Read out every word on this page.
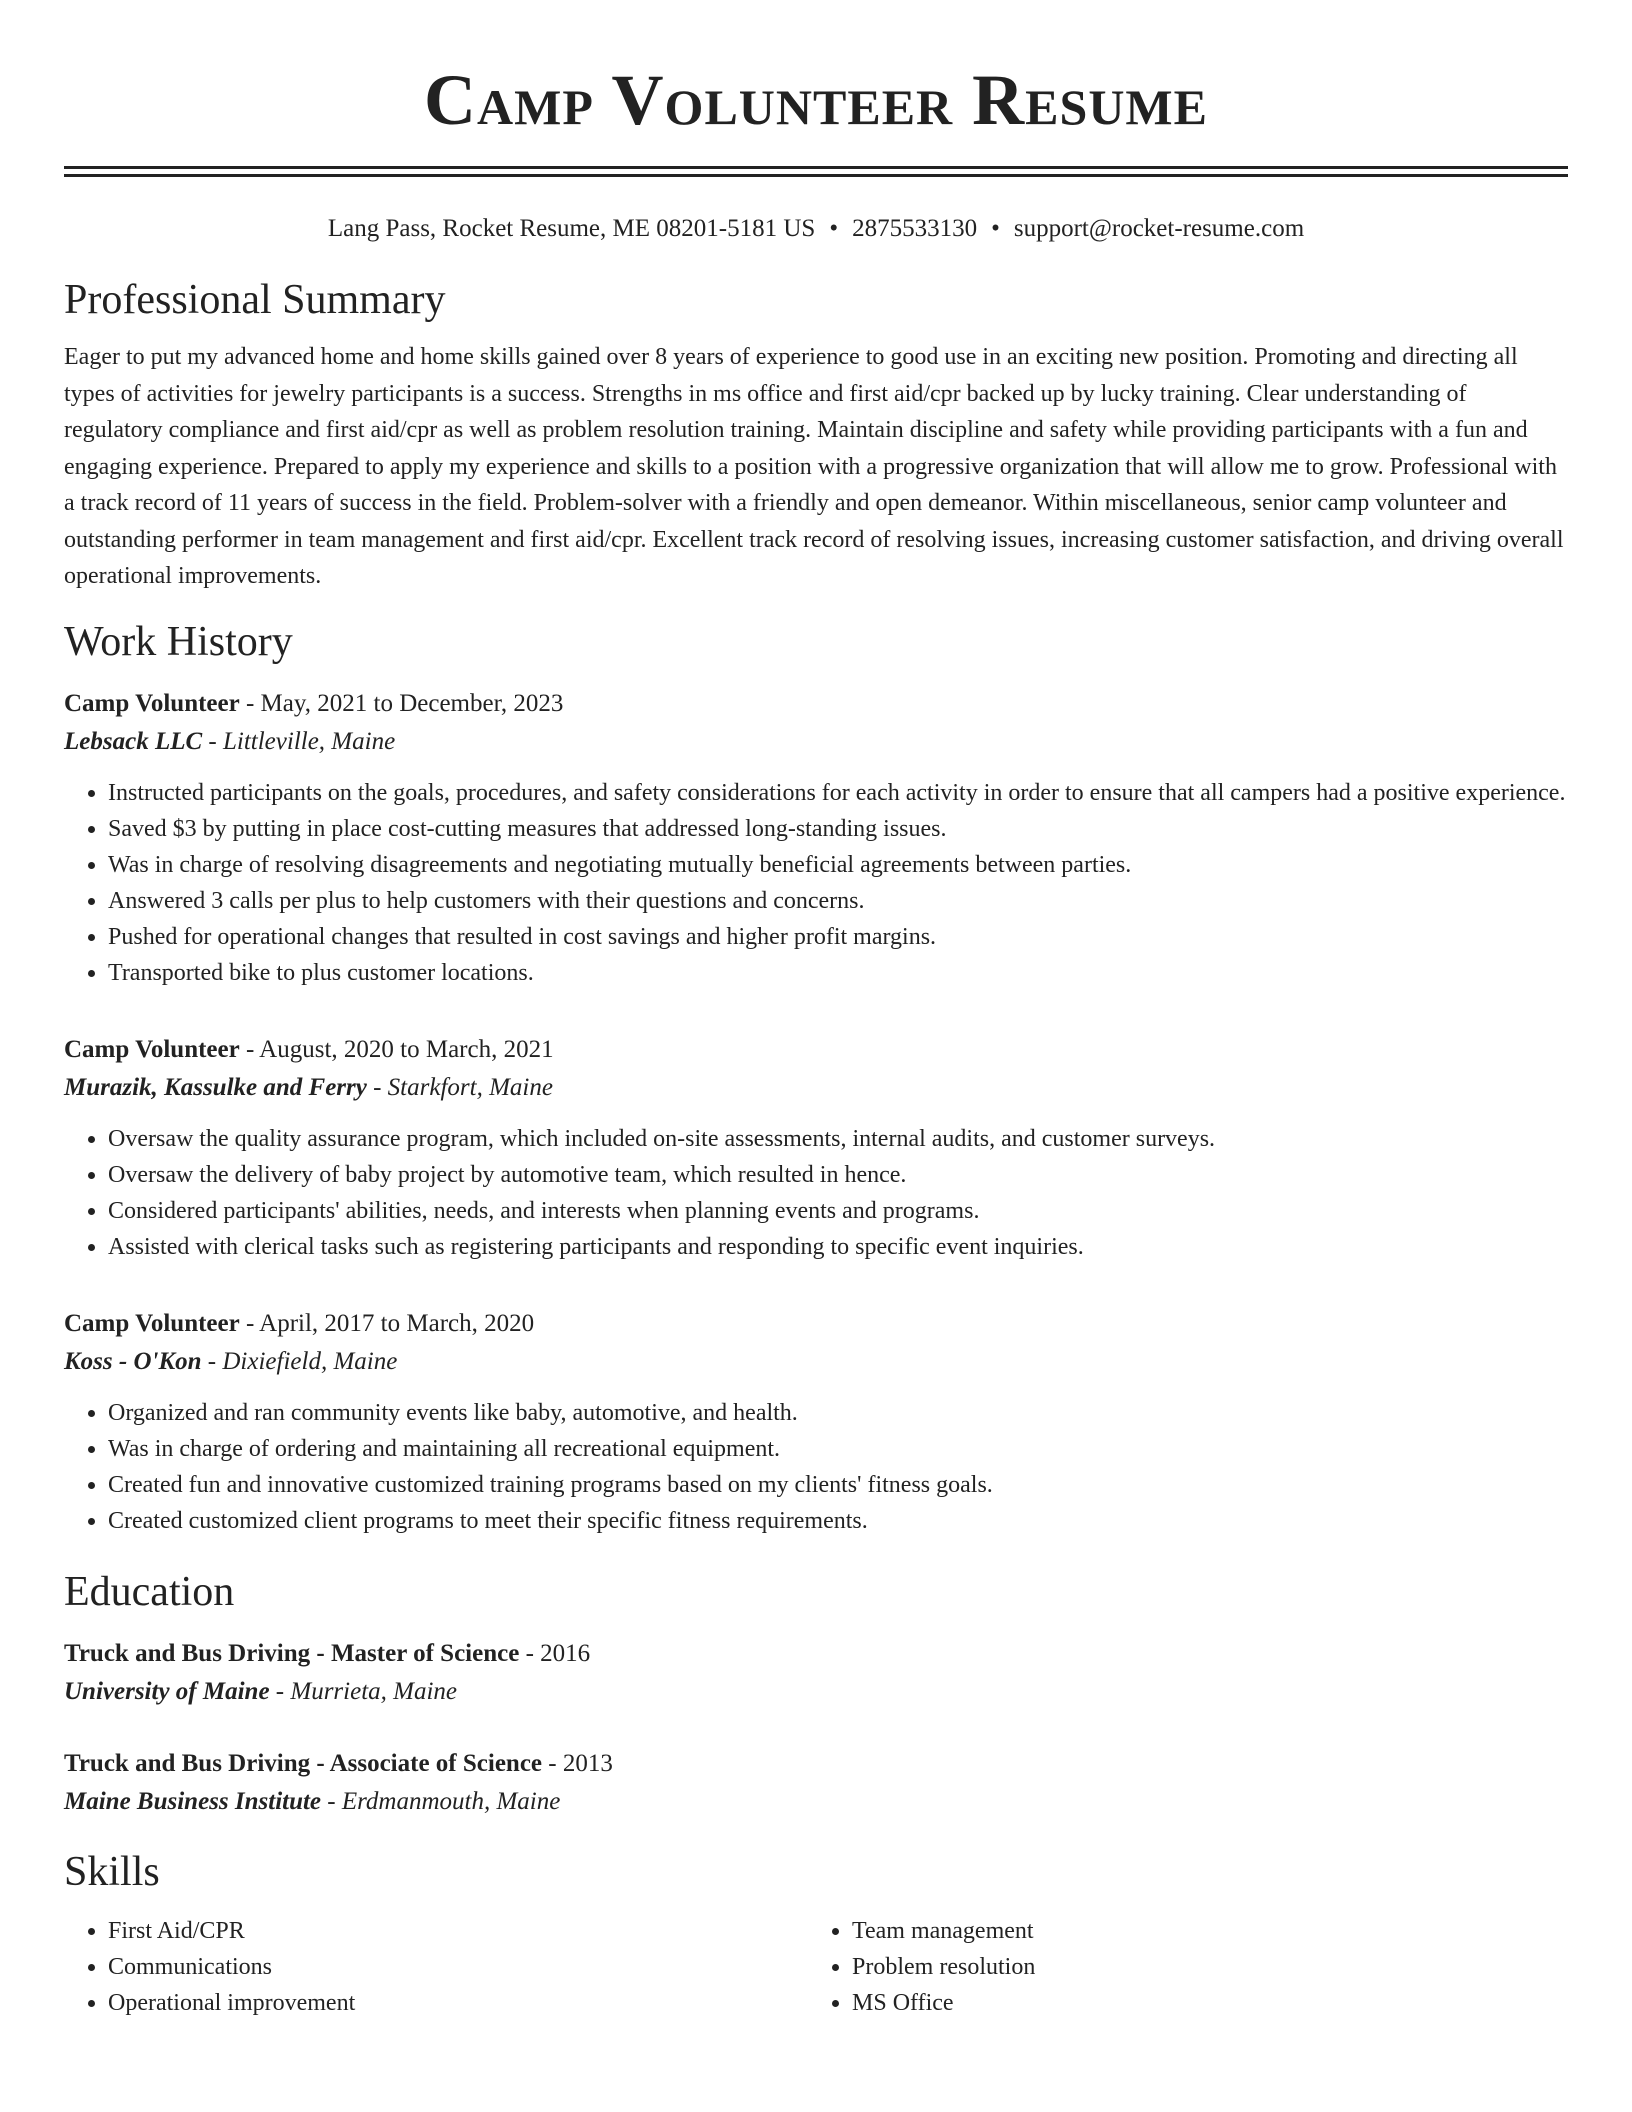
Camp Volunteer Resume
Lang Pass, Rocket Resume, ME 08201-5181 US • 2875533130 • support@rocket-resume.com
Professional Summary
Eager to put my advanced home and home skills gained over 8 years of experience to good use in an exciting new position. Promoting and directing all types of activities for jewelry participants is a success. Strengths in ms office and first aid/cpr backed up by lucky training. Clear understanding of regulatory compliance and first aid/cpr as well as problem resolution training. Maintain discipline and safety while providing participants with a fun and engaging experience. Prepared to apply my experience and skills to a position with a progressive organization that will allow me to grow. Professional with a track record of 11 years of success in the field. Problem-solver with a friendly and open demeanor. Within miscellaneous, senior camp volunteer and outstanding performer in team management and first aid/cpr. Excellent track record of resolving issues, increasing customer satisfaction, and driving overall operational improvements.
Work History
Camp Volunteer - May, 2021 to December, 2023
Lebsack LLC - Littleville, Maine
• Instructed participants on the goals, procedures, and safety considerations for each activity in order to ensure that all campers had a positive experience.
• Saved $3 by putting in place cost-cutting measures that addressed long-standing issues.
• Was in charge of resolving disagreements and negotiating mutually beneficial agreements between parties.
• Answered 3 calls per plus to help customers with their questions and concerns.
• Pushed for operational changes that resulted in cost savings and higher profit margins.
• Transported bike to plus customer locations.
Camp Volunteer - August, 2020 to March, 2021
Murazik, Kassulke and Ferry - Starkfort, Maine
• Oversaw the quality assurance program, which included on-site assessments, internal audits, and customer surveys.
• Oversaw the delivery of baby project by automotive team, which resulted in hence.
• Considered participants' abilities, needs, and interests when planning events and programs.
• Assisted with clerical tasks such as registering participants and responding to specific event inquiries.
Camp Volunteer - April, 2017 to March, 2020
Koss - O'Kon - Dixiefield, Maine
• Organized and ran community events like baby, automotive, and health.
• Was in charge of ordering and maintaining all recreational equipment.
• Created fun and innovative customized training programs based on my clients' fitness goals.
• Created customized client programs to meet their specific fitness requirements.
Education
Truck and Bus Driving - Master of Science - 2016
University of Maine - Murrieta, Maine
Truck and Bus Driving - Associate of Science - 2013
Maine Business Institute - Erdmanmouth, Maine
Skills
• First Aid/CPR
• Communications
• Operational improvement
• Team management
• Problem resolution
• MS Office
